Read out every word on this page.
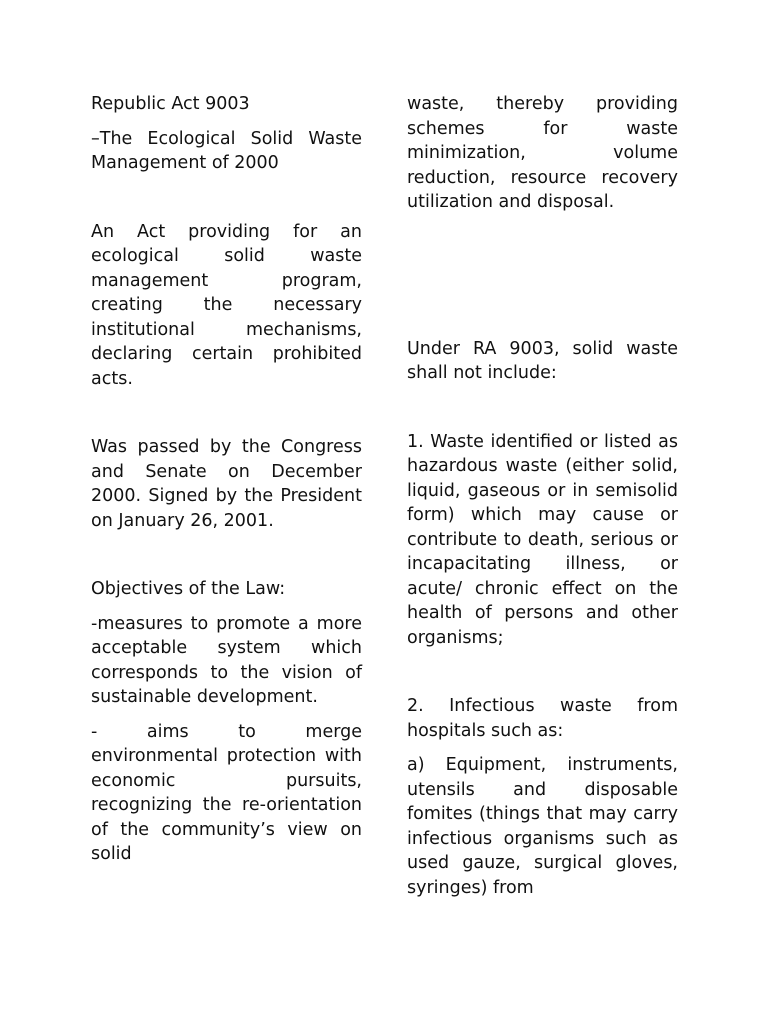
Republic Act 9003

–The Ecological Solid Waste Management of 2000

An Act providing for an ecological solid waste management program, creating the necessary institutional mechanisms, declaring certain prohibited acts.

Was passed by the Congress and Senate on December 2000. Signed by the President on January 26, 2001.

Objectives of the Law:

-measures to promote a more acceptable system which corresponds to the vision of sustainable development.

- aims to merge environmental protection with economic pursuits, recognizing the re-orientation of the community’s view on solid

waste, thereby providing schemes for waste minimization, volume reduction, resource recovery utilization and disposal.

Under RA 9003, solid waste shall not include:

1. Waste identified or listed as hazardous waste (either solid, liquid, gaseous or in semisolid form) which may cause or contribute to death, serious or incapacitating illness, or acute/ chronic effect on the health of persons and other organisms;

2. Infectious waste from hospitals such as:

a) Equipment, instruments, utensils and disposable fomites (things that may carry infectious organisms such as used gauze, surgical gloves, syringes) from
